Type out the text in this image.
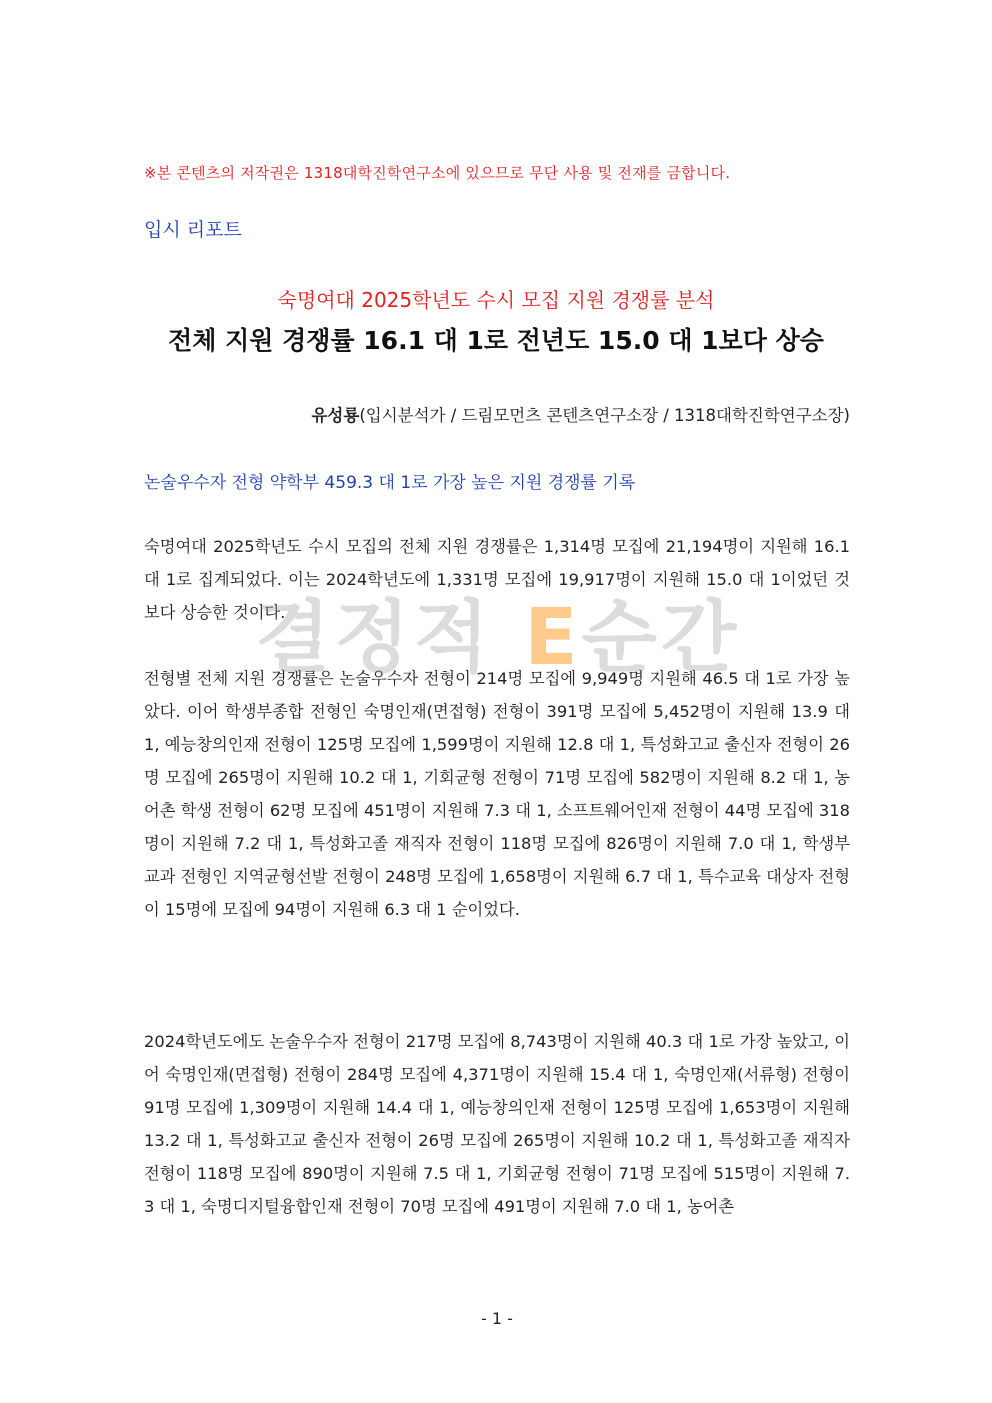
※본 콘텐츠의 저작권은 1318대학진학연구소에 있으므로 무단 사용 및 전재를 금합니다.
입시 리포트
숙명여대 2025학년도 수시 모집 지원 경쟁률 분석
전체 지원 경쟁률 16.1 대 1로 전년도 15.0 대 1보다 상승
유성룡(입시분석가 / 드림모먼츠 콘텐츠연구소장 / 1318대학진학연구소장)
논술우수자 전형 약학부 459.3 대 1로 가장 높은 지원 경쟁률 기록
숙명여대 2025학년도 수시 모집의 전체 지원 경쟁률은 1,314명 모집에 21,194명이 지원해 16.1 대 1로 집계되었다. 이는 2024학년도에 1,331명 모집에 19,917명이 지원해 15.0 대 1이었던 것보다 상승한 것이다.
전형별 전체 지원 경쟁률은 논술우수자 전형이 214명 모집에 9,949명 지원해 46.5 대 1로 가장 높았다. 이어 학생부종합 전형인 숙명인재(면접형) 전형이 391명 모집에 5,452명이 지원해 13.9 대 1, 예능창의인재 전형이 125명 모집에 1,599명이 지원해 12.8 대 1, 특성화고교 출신자 전형이 26명 모집에 265명이 지원해 10.2 대 1, 기회균형 전형이 71명 모집에 582명이 지원해 8.2 대 1, 농어촌 학생 전형이 62명 모집에 451명이 지원해 7.3 대 1, 소프트웨어인재 전형이 44명 모집에 318명이 지원해 7.2 대 1, 특성화고졸 재직자 전형이 118명 모집에 826명이 지원해 7.0 대 1, 학생부교과 전형인 지역균형선발 전형이 248명 모집에 1,658명이 지원해 6.7 대 1, 특수교육 대상자 전형이 15명에 모집에 94명이 지원해 6.3 대 1 순이었다.
2024학년도에도 논술우수자 전형이 217명 모집에 8,743명이 지원해 40.3 대 1로 가장 높았고, 이어 숙명인재(면접형) 전형이 284명 모집에 4,371명이 지원해 15.4 대 1, 숙명인재(서류형) 전형이 91명 모집에 1,309명이 지원해 14.4 대 1, 예능창의인재 전형이 125명 모집에 1,653명이 지원해 13.2 대 1, 특성화고교 출신자 전형이 26명 모집에 265명이 지원해 10.2 대 1, 특성화고졸 재직자 전형이 118명 모집에 890명이 지원해 7.5 대 1, 기회균형 전형이 71명 모집에 515명이 지원해 7.3 대 1, 숙명디지털융합인재 전형이 70명 모집에 491명이 지원해 7.0 대 1, 농어촌
결정적 E순간
- 1 -
